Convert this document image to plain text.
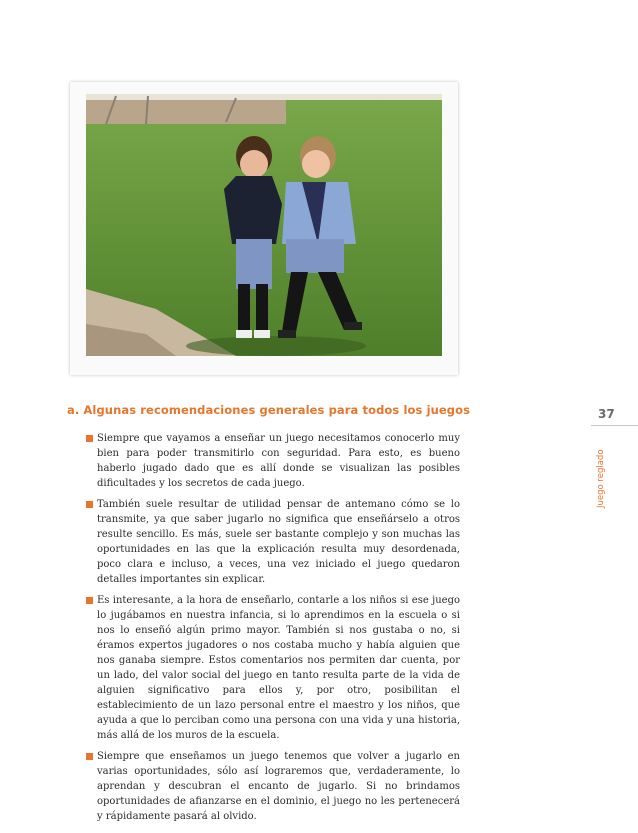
a. Algunas recomendaciones generales para todos los juegos	37
Juego reglado
Siempre que vayamos a enseñar un juego necesitamos conocerlo muy bien para poder transmitirlo con seguridad. Para esto, es bueno haberlo jugado dado que es allí donde se visualizan las posibles dificultades y los secretos de cada juego.
También suele resultar de utilidad pensar de antemano cómo se lo transmite, ya que saber jugarlo no significa que enseñárselo a otros resulte sencillo. Es más, suele ser bastante complejo y son muchas las oportunidades en las que la explicación resulta muy desordenada, poco clara e incluso, a veces, una vez iniciado el juego quedaron detalles importantes sin explicar.
Es interesante, a la hora de enseñarlo, contarle a los niños si ese juego lo jugábamos en nuestra infancia, si lo aprendimos en la escuela o si nos lo enseñó algún primo mayor. También si nos gustaba o no, si éramos expertos jugadores o nos costaba mucho y había alguien que nos ganaba siempre. Estos comentarios nos permiten dar cuenta, por un lado, del valor social del juego en tanto resulta parte de la vida de alguien significativo para ellos y, por otro, posibilitan el establecimiento de un lazo personal entre el maestro y los niños, que ayuda a que lo perciban como una persona con una vida y una historia, más allá de los muros de la escuela.
Siempre que enseñamos un juego tenemos que volver a jugarlo en varias oportunidades, sólo así lograremos que, verdaderamente, lo aprendan y descubran el encanto de jugarlo. Si no brindamos oportunidades de afianzarse en el dominio, el juego no les pertenecerá y rápidamente pasará al olvido.
